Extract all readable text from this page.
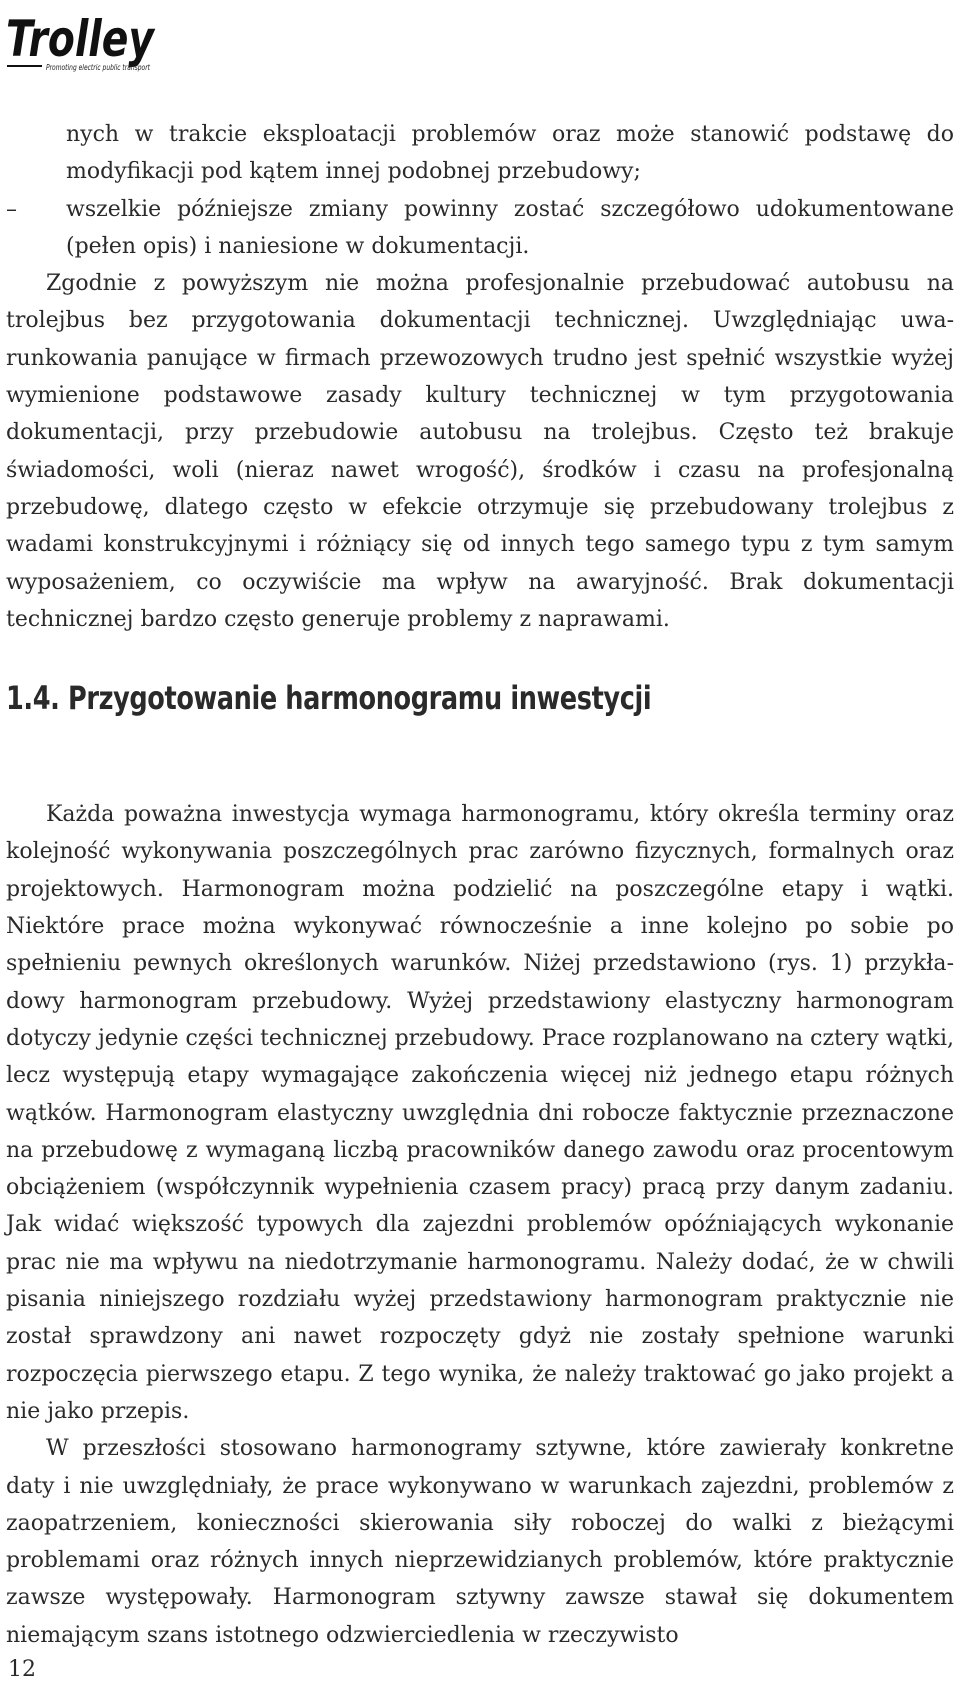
Trolley
Promoting electric public transport

nych w trakcie eksploatacji problemów oraz może stanowić podstawę do modyfikacji pod kątem innej podobnej przebudowy;

–	wszelkie późniejsze zmiany powinny zostać szczegółowo udokumentowane (pełen opis) i naniesione w dokumentacji.

Zgodnie z powyższym nie można profesjonalnie przebudować autobusu na trolejbus bez przygotowania dokumentacji technicznej. Uwzględniając uwarunkowania panujące w firmach przewozowych trudno jest spełnić wszystkie wyżej wymienione podstawowe zasady kultury technicznej w tym przygotowania dokumentacji, przy przebudowie autobusu na trolejbus. Często też brakuje świadomości, woli (nieraz nawet wrogość), środków i czasu na profesjonalną przebudowę, dlatego często w efekcie otrzymuje się przebudowany trolejbus z wadami konstrukcyjnymi i różniący się od innych tego samego typu z tym samym wyposażeniem, co oczywiście ma wpływ na awaryjność. Brak dokumentacji technicznej bardzo często generuje problemy z naprawami.

1.4. Przygotowanie harmonogramu inwestycji

Każda poważna inwestycja wymaga harmonogramu, który określa terminy oraz kolejność wykonywania poszczególnych prac zarówno fizycznych, formalnych oraz projektowych. Harmonogram można podzielić na poszczególne etapy i wątki. Niektóre prace można wykonywać równocześnie a inne kolejno po sobie po spełnieniu pewnych określonych warunków. Niżej przedstawiono (rys. 1) przykładowy harmonogram przebudowy. Wyżej przedstawiony elastyczny harmonogram dotyczy jedynie części technicznej przebudowy. Prace rozplanowano na cztery wątki, lecz występują etapy wymagające zakończenia więcej niż jednego etapu różnych wątków. Harmonogram elastyczny uwzględnia dni robocze faktycznie przeznaczone na przebudowę z wymaganą liczbą pracowników danego zawodu oraz procentowym obciążeniem (współczynnik wypełnienia czasem pracy) pracą przy danym zadaniu. Jak widać większość typowych dla zajezdni problemów opóźniających wykonanie prac nie ma wpływu na niedotrzymanie harmonogramu. Należy dodać, że w chwili pisania niniejszego rozdziału wyżej przedstawiony harmonogram praktycznie nie został sprawdzony ani nawet rozpoczęty gdyż nie zostały spełnione warunki rozpoczęcia pierwszego etapu. Z tego wynika, że należy traktować go jako projekt a nie jako przepis.

W przeszłości stosowano harmonogramy sztywne, które zawierały konkretne daty i nie uwzględniały, że prace wykonywano w warunkach zajezdni, problemów z zaopatrzeniem, konieczności skierowania siły roboczej do walki z bieżącymi problemami oraz różnych innych nieprzewidzianych problemów, które praktycznie zawsze występowały. Harmonogram sztywny zawsze stawał się dokumentem niemającym szans istotnego odzwierciedlenia w rzeczywisto

12
